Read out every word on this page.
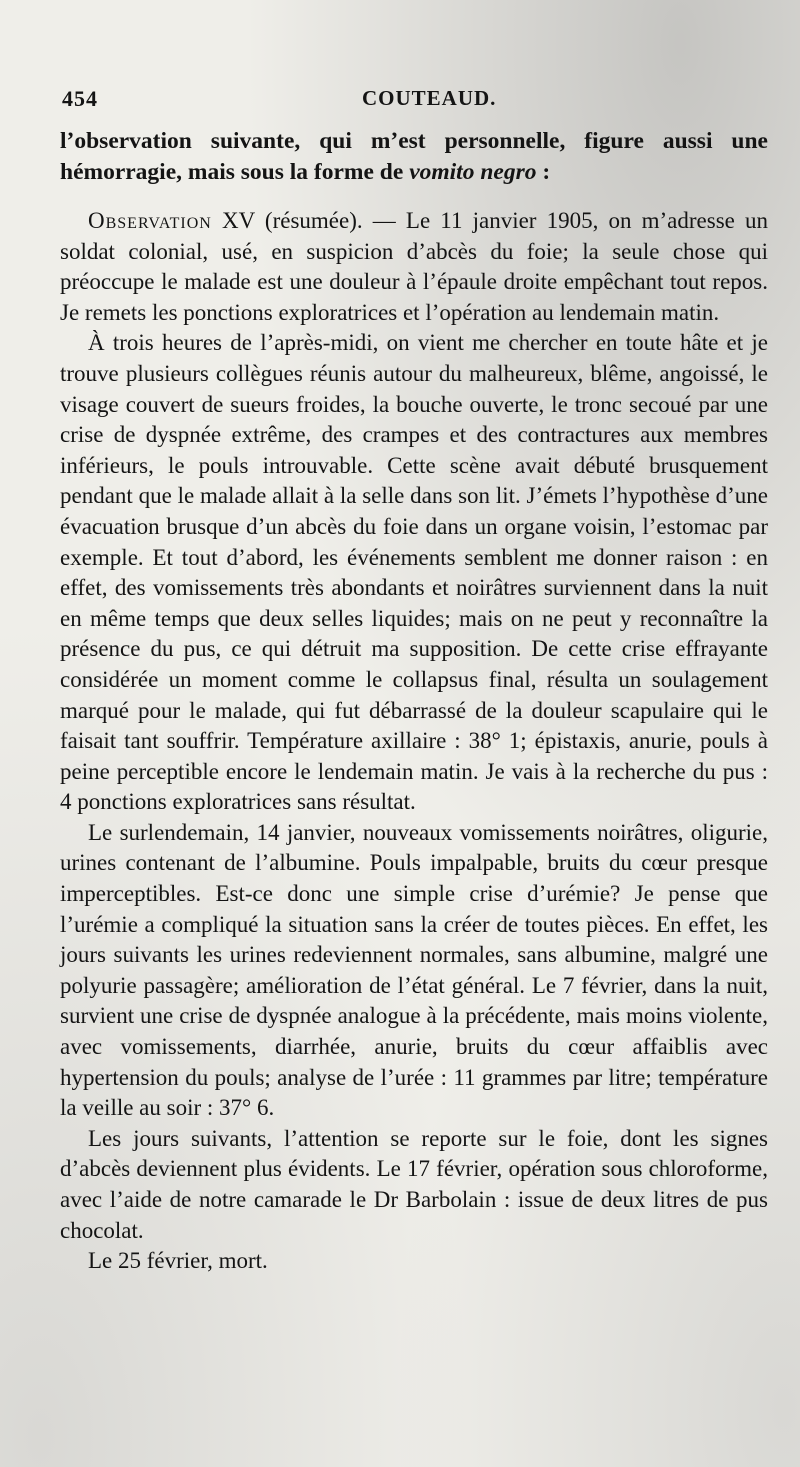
454	COUTEAUD.

l’observation suivante, qui m’est personnelle, figure aussi une hémorragie, mais sous la forme de vomito negro :

Observation XV (résumée). — Le 11 janvier 1905, on m’adresse un soldat colonial, usé, en suspicion d’abcès du foie; la seule chose qui préoccupe le malade est une douleur à l’épaule droite empêchant tout repos. Je remets les ponctions exploratrices et l’opération au lendemain matin.

À trois heures de l’après-midi, on vient me chercher en toute hâte et je trouve plusieurs collègues réunis autour du malheureux, blême, angoissé, le visage couvert de sueurs froides, la bouche ouverte, le tronc secoué par une crise de dyspnée extrême, des crampes et des contractures aux membres inférieurs, le pouls introuvable. Cette scène avait débuté brusquement pendant que le malade allait à la selle dans son lit. J’émets l’hypothèse d’une évacuation brusque d’un abcès du foie dans un organe voisin, l’estomac par exemple. Et tout d’abord, les événements semblent me donner raison : en effet, des vomissements très abondants et noirâtres surviennent dans la nuit en même temps que deux selles liquides; mais on ne peut y reconnaître la présence du pus, ce qui détruit ma supposition. De cette crise effrayante considérée un moment comme le collapsus final, résulta un soulagement marqué pour le malade, qui fut débarrassé de la douleur scapulaire qui le faisait tant souffrir. Température axillaire : 38° 1; épistaxis, anurie, pouls à peine perceptible encore le lendemain matin. Je vais à la recherche du pus : 4 ponctions exploratrices sans résultat.

Le surlendemain, 14 janvier, nouveaux vomissements noirâtres, oligurie, urines contenant de l’albumine. Pouls impalpable, bruits du cœur presque imperceptibles. Est-ce donc une simple crise d’urémie? Je pense que l’urémie a compliqué la situation sans la créer de toutes pièces. En effet, les jours suivants les urines redeviennent normales, sans albumine, malgré une polyurie passagère; amélioration de l’état général. Le 7 février, dans la nuit, survient une crise de dyspnée analogue à la précédente, mais moins violente, avec vomissements, diarrhée, anurie, bruits du cœur affaiblis avec hypertension du pouls; analyse de l’urée : 11 grammes par litre; température la veille au soir : 37° 6.

Les jours suivants, l’attention se reporte sur le foie, dont les signes d’abcès deviennent plus évidents. Le 17 février, opération sous chloroforme, avec l’aide de notre camarade le Dr Barbolain : issue de deux litres de pus chocolat.

Le 25 février, mort.
